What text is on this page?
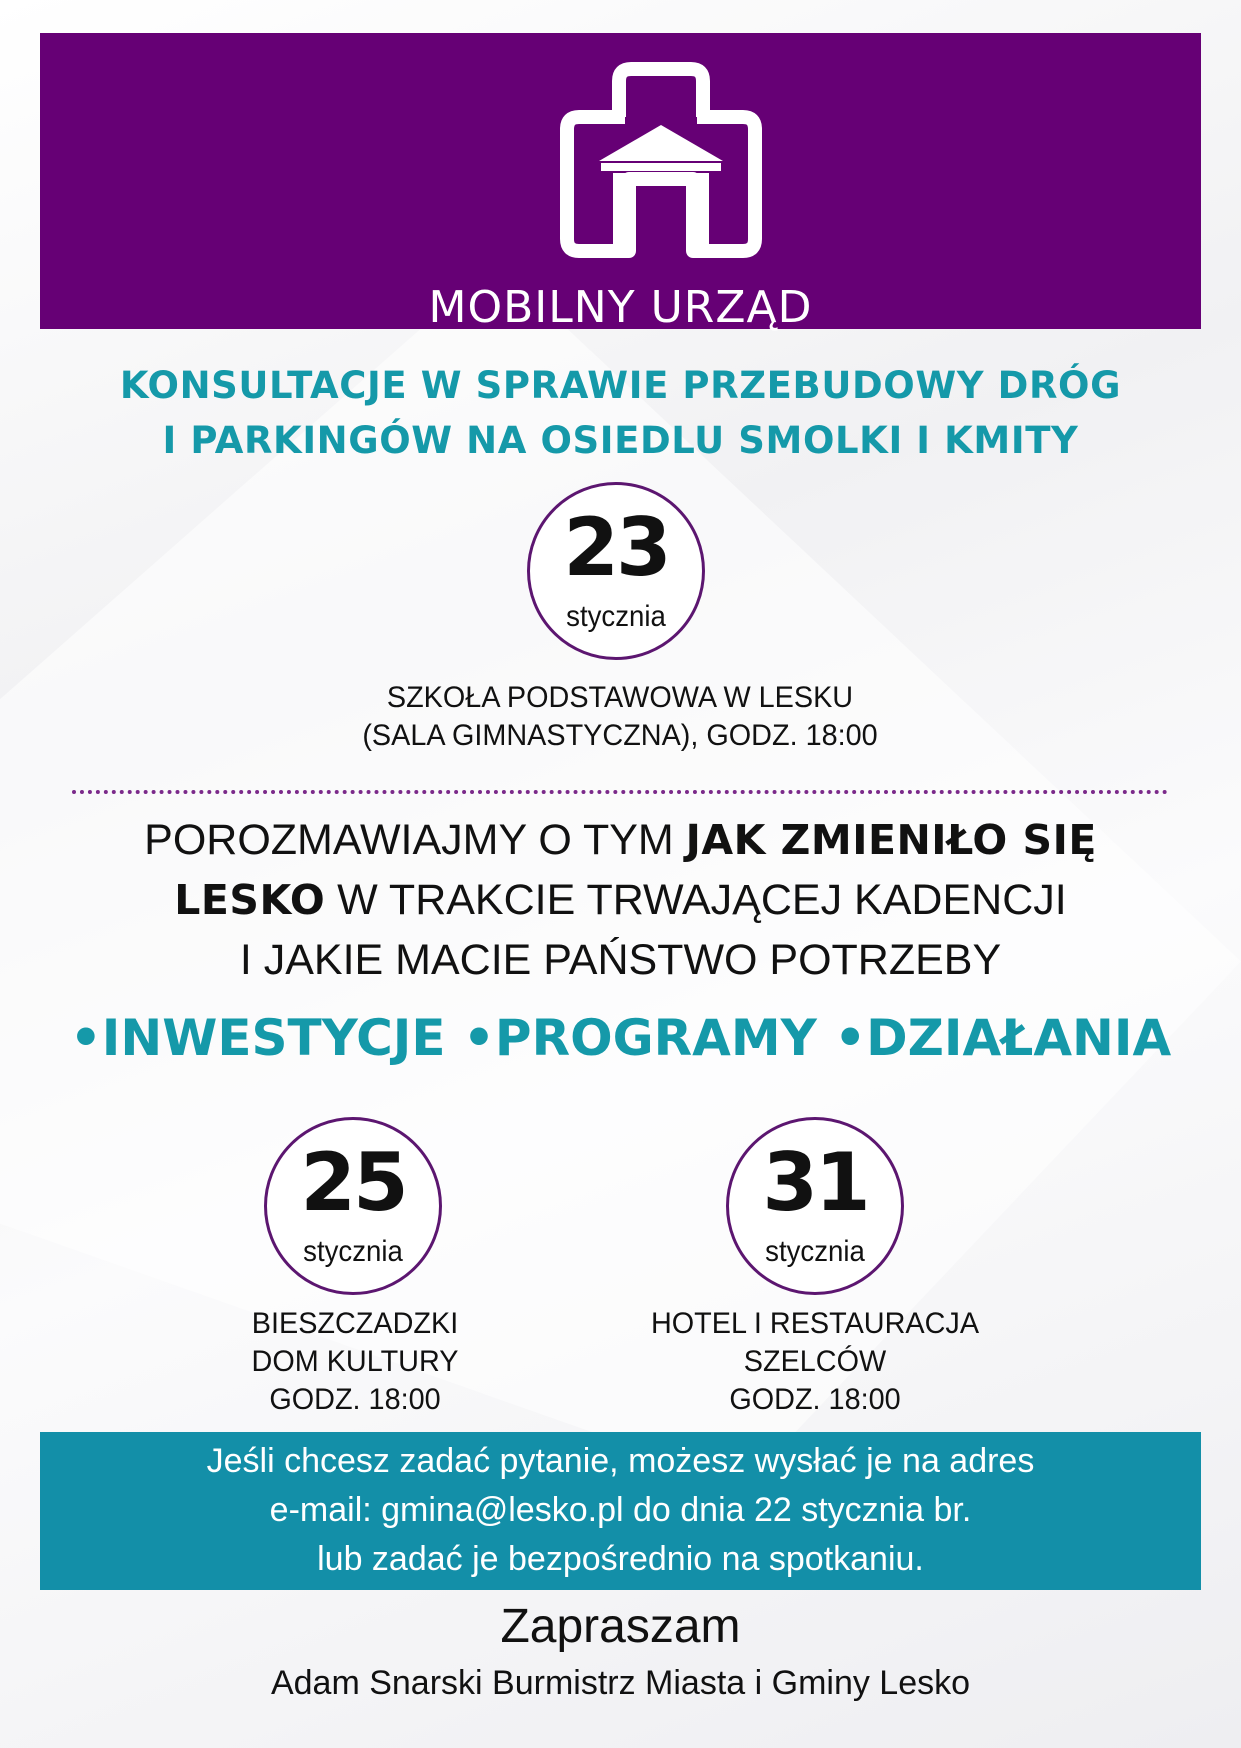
MOBILNY URZĄD
KONSULTACJE W SPRAWIE PRZEBUDOWY DRÓG
I PARKINGÓW NA OSIEDLU SMOLKI I KMITY
23
stycznia
SZKOŁA PODSTAWOWA W LESKU
(SALA GIMNASTYCZNA), GODZ. 18:00
POROZMAWIAJMY O TYM JAK ZMIENIŁO SIĘ
LESKO W TRAKCIE TRWAJĄCEJ KADENCJI
I JAKIE MACIE PAŃSTWO POTRZEBY
•INWESTYCJE •PROGRAMY •DZIAŁANIA
25
stycznia
BIESZCZADZKI
DOM KULTURY
GODZ. 18:00
31
stycznia
HOTEL I RESTAURACJA
SZELCÓW
GODZ. 18:00
Jeśli chcesz zadać pytanie, możesz wysłać je na adres
e-mail: gmina@lesko.pl do dnia 22 stycznia br.
lub zadać je bezpośrednio na spotkaniu.
Zapraszam
Adam Snarski Burmistrz Miasta i Gminy Lesko
